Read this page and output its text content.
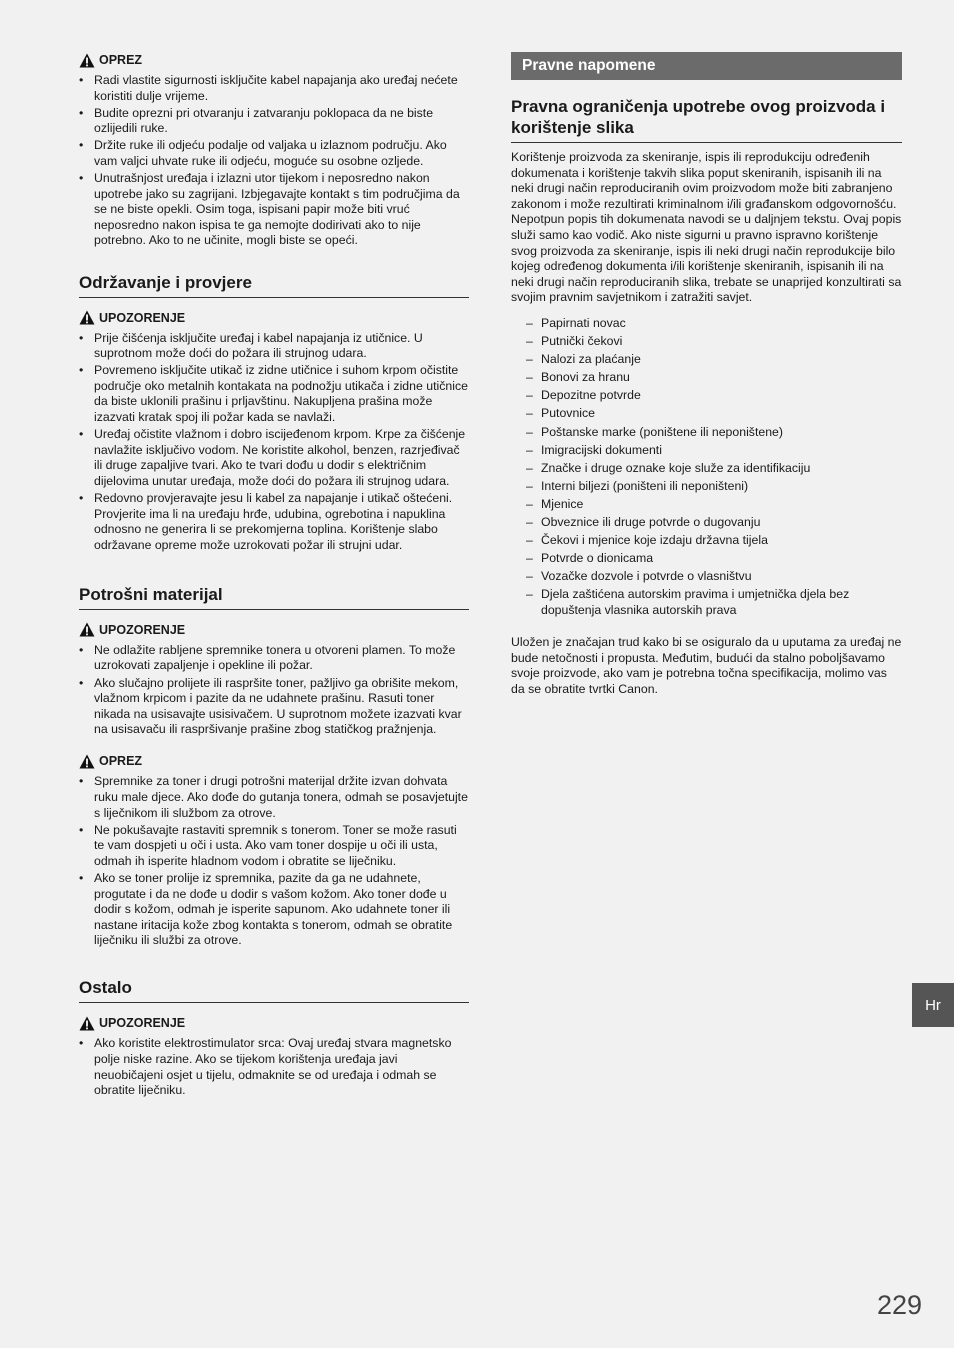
OPREZ
• Radi vlastite sigurnosti isključite kabel napajanja ako uređaj nećete koristiti dulje vrijeme.
• Budite oprezni pri otvaranju i zatvaranju poklopaca da ne biste ozlijedili ruke.
• Držite ruke ili odjeću podalje od valjaka u izlaznom području. Ako vam valjci uhvate ruke ili odjeću, moguće su osobne ozljede.
• Unutrašnjost uređaja i izlazni utor tijekom i neposredno nakon upotrebe jako su zagrijani. Izbjegavajte kontakt s tim područjima da se ne biste opekli. Osim toga, ispisani papir može biti vruć neposredno nakon ispisa te ga nemojte dodirivati ako to nije potrebno. Ako to ne učinite, mogli biste se opeći.
Održavanje i provjere
UPOZORENJE
• Prije čišćenja isključite uređaj i kabel napajanja iz utičnice. U suprotnom može doći do požara ili strujnog udara.
• Povremeno isključite utikač iz zidne utičnice i suhom krpom očistite područje oko metalnih kontakata na podnožju utikača i zidne utičnice da biste uklonili prašinu i prljavštinu. Nakupljena prašina može izazvati kratak spoj ili požar kada se navlaži.
• Uređaj očistite vlažnom i dobro iscijeđenom krpom. Krpe za čišćenje navlažite isključivo vodom. Ne koristite alkohol, benzen, razrjeđivač ili druge zapaljive tvari. Ako te tvari dođu u dodir s električnim dijelovima unutar uređaja, može doći do požara ili strujnog udara.
• Redovno provjeravajte jesu li kabel za napajanje i utikač oštećeni. Provjerite ima li na uređaju hrđe, udubina, ogrebotina i napuklina odnosno ne generira li se prekomjerna toplina. Korištenje slabo održavane opreme može uzrokovati požar ili strujni udar.
Potrošni materijal
UPOZORENJE
• Ne odlažite rabljene spremnike tonera u otvoreni plamen. To može uzrokovati zapaljenje i opekline ili požar.
• Ako slučajno prolijete ili raspršite toner, pažljivo ga obrišite mekom, vlažnom krpicom i pazite da ne udahnete prašinu. Rasuti toner nikada na usisavajte usisivačem. U suprotnom možete izazvati kvar na usisavaču ili raspršivanje prašine zbog statičkog pražnjenja.
OPREZ
• Spremnike za toner i drugi potrošni materijal držite izvan dohvata ruku male djece. Ako dođe do gutanja tonera, odmah se posavjetujte s liječnikom ili službom za otrove.
• Ne pokušavajte rastaviti spremnik s tonerom. Toner se može rasuti te vam dospjeti u oči i usta. Ako vam toner dospije u oči ili usta, odmah ih isperite hladnom vodom i obratite se liječniku.
• Ako se toner prolije iz spremnika, pazite da ga ne udahnete, progutate i da ne dođe u dodir s vašom kožom. Ako toner dođe u dodir s kožom, odmah je isperite sapunom. Ako udahnete toner ili nastane iritacija kože zbog kontakta s tonerom, odmah se obratite liječniku ili službi za otrove.
Ostalo
UPOZORENJE
• Ako koristite elektrostimulator srca: Ovaj uređaj stvara magnetsko polje niske razine. Ako se tijekom korištenja uređaja javi neuobičajeni osjet u tijelu, odmaknite se od uređaja i odmah se obratite liječniku.
Pravne napomene
Pravna ograničenja upotrebe ovog proizvoda i korištenje slika

Korištenje proizvoda za skeniranje, ispis ili reprodukciju određenih dokumenata i korištenje takvih slika poput skeniranih, ispisanih ili na neki drugi način reproduciranih ovim proizvodom može biti zabranjeno zakonom i može rezultirati kriminalnom i/ili građanskom odgovornošću. Nepotpun popis tih dokumenata navodi se u daljnjem tekstu. Ovaj popis služi samo kao vodič. Ako niste sigurni u pravno ispravno korištenje svog proizvoda za skeniranje, ispis ili neki drugi način reprodukcije bilo kojeg određenog dokumenta i/ili korištenje skeniranih, ispisanih ili na neki drugi način reproduciranih slika, trebate se unaprijed konzultirati sa svojim pravnim savjetnikom i zatražiti savjet.

– Papirnati novac
– Putnički čekovi
– Nalozi za plaćanje
– Bonovi za hranu
– Depozitne potvrde
– Putovnice
– Poštanske marke (poništene ili neponištene)
– Imigracijski dokumenti
– Značke i druge oznake koje služe za identifikaciju
– Interni biljezi (poništeni ili neponišteni)
– Mjenice
– Obveznice ili druge potvrde o dugovanju
– Čekovi i mjenice koje izdaju državna tijela
– Potvrde o dionicama
– Vozačke dozvole i potvrde o vlasništvu
– Djela zaštićena autorskim pravima i umjetnička djela bez dopuštenja vlasnika autorskih prava

Uložen je značajan trud kako bi se osiguralo da u uputama za uređaj ne bude netočnosti i propusta. Međutim, budući da stalno poboljšavamo svoje proizvode, ako vam je potrebna točna specifikacija, molimo vas da se obratite tvrtki Canon.

Hr
229
